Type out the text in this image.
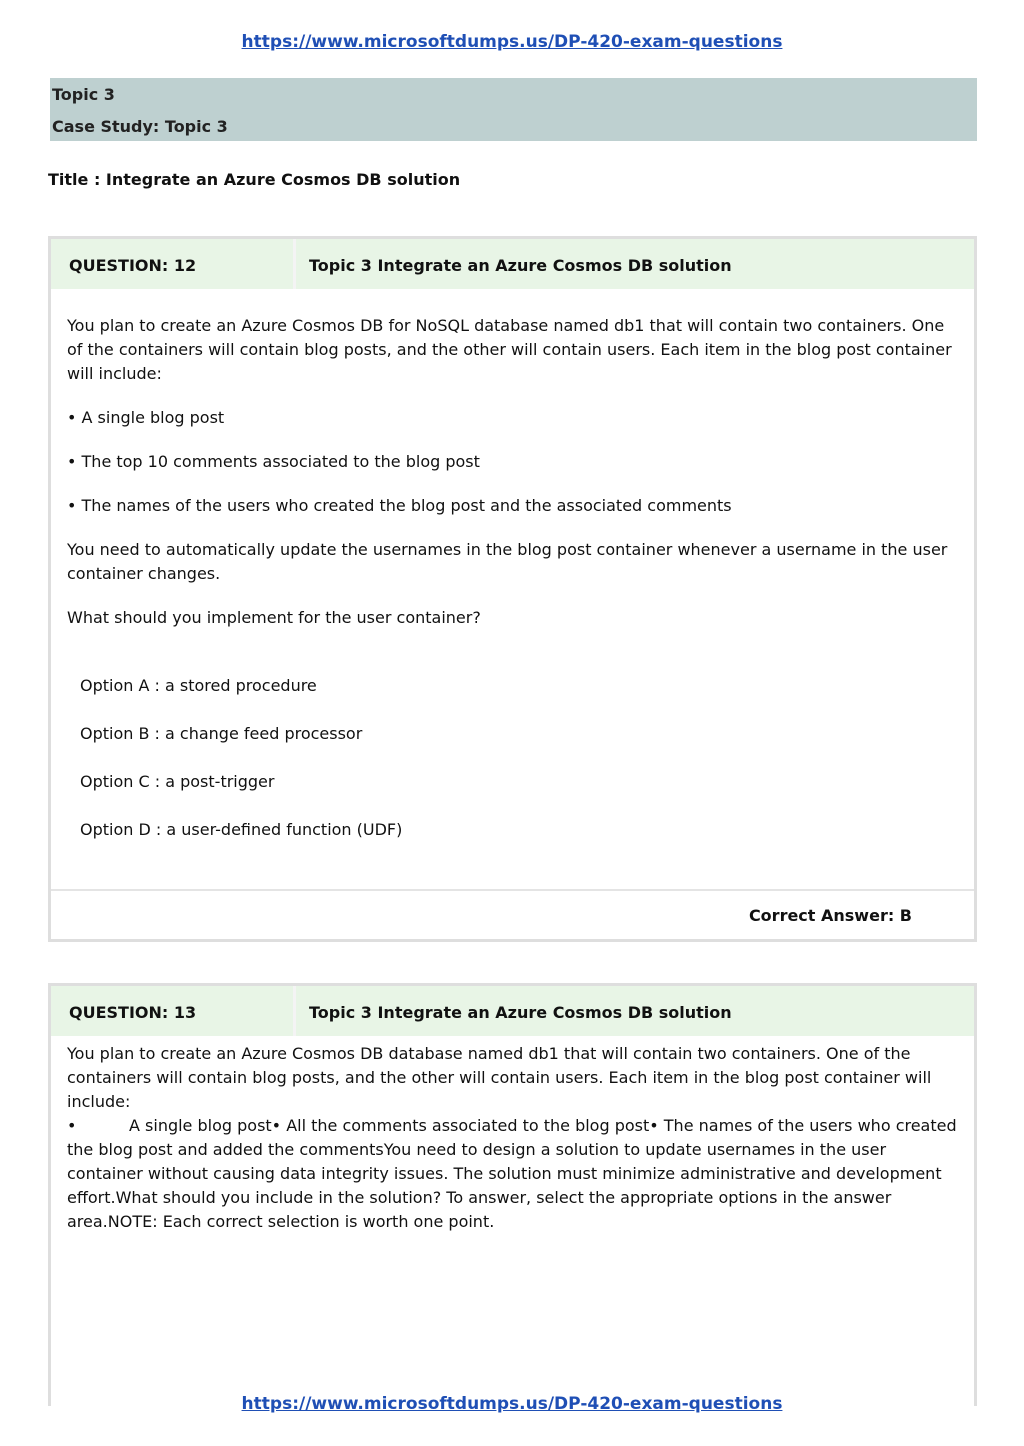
https://www.microsoftdumps.us/DP-420-exam-questions
Topic 3
Case Study: Topic 3
Title : Integrate an Azure Cosmos DB solution
QUESTION: 12	Topic 3 Integrate an Azure Cosmos DB solution
You plan to create an Azure Cosmos DB for NoSQL database named db1 that will contain two containers. One of the containers will contain blog posts, and the other will contain users. Each item in the blog post container will include:
• A single blog post
• The top 10 comments associated to the blog post
• The names of the users who created the blog post and the associated comments
You need to automatically update the usernames in the blog post container whenever a username in the user container changes.
What should you implement for the user container?
Option A : a stored procedure
Option B : a change feed processor
Option C : a post-trigger
Option D : a user-defined function (UDF)
Correct Answer: B
QUESTION: 13	Topic 3 Integrate an Azure Cosmos DB solution
You plan to create an Azure Cosmos DB database named db1 that will contain two containers. One of the containers will contain blog posts, and the other will contain users. Each item in the blog post container will include:
•	A single blog post• All the comments associated to the blog post• The names of the users who created the blog post and added the commentsYou need to design a solution to update usernames in the user container without causing data integrity issues. The solution must minimize administrative and development effort.What should you include in the solution? To answer, select the appropriate options in the answer area.NOTE: Each correct selection is worth one point.
https://www.microsoftdumps.us/DP-420-exam-questions
